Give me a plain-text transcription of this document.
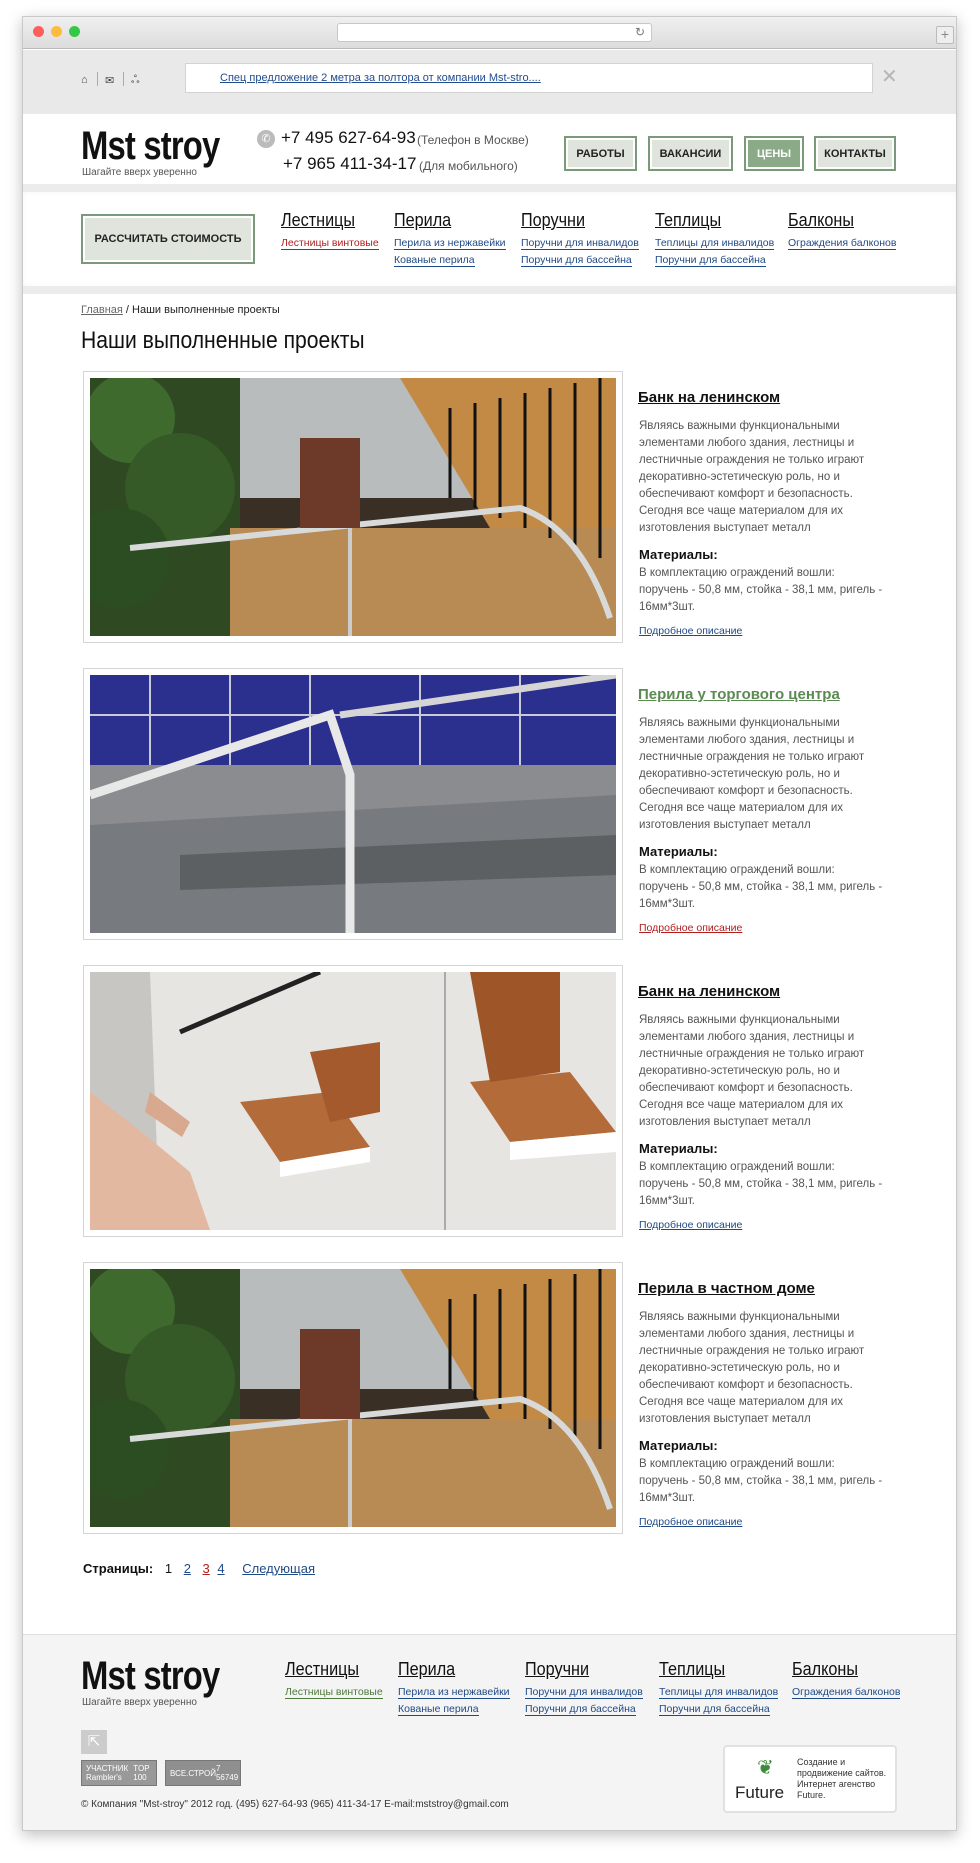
↻	+
⌂ ✉ ஃ	Спец предложение 2 метра за полтора от компании Mst-stro....	✕
Mst stroy
Шагайте вверх уверенно
✆ +7 495 627-64-93 (Телефон в Москве)
+7 965 411-34-17 (Для мобильного)
РАБОТЫ	ВАКАНСИИ	ЦЕНЫ	КОНТАКТЫ
РАССЧИТАТЬ СТОИМОСТЬ
Лестницы
Лестницы винтовые
Перила
Перила из нержавейки
Кованые перила
Поручни
Поручни для инвалидов
Поручни для бассейна
Теплицы
Теплицы для инвалидов
Поручни для бассейна
Балконы
Ограждения балконов
Главная / Наши выполненные проекты
Наши выполненные проекты
Банк на ленинском
Являясь важными функциональными элементами любого здания, лестницы и лестничные ограждения не только играют декоративно-эстетическую роль, но и обеспечивают комфорт и безопасность. Сегодня все чаще материалом для их изготовления выступает металл
Материалы:
В комплектацию ограждений вошли: поручень - 50,8 мм, стойка - 38,1 мм, ригель - 16мм*3шт.
Подробное описание
Перила у торгового центра
Являясь важными функциональными элементами любого здания, лестницы и лестничные ограждения не только играют декоративно-эстетическую роль, но и обеспечивают комфорт и безопасность. Сегодня все чаще материалом для их изготовления выступает металл
Материалы:
В комплектацию ограждений вошли: поручень - 50,8 мм, стойка - 38,1 мм, ригель - 16мм*3шт.
Подробное описание
Банк на ленинском
Являясь важными функциональными элементами любого здания, лестницы и лестничные ограждения не только играют декоративно-эстетическую роль, но и обеспечивают комфорт и безопасность. Сегодня все чаще материалом для их изготовления выступает металл
Материалы:
В комплектацию ограждений вошли: поручень - 50,8 мм, стойка - 38,1 мм, ригель - 16мм*3шт.
Подробное описание
Перила в частном доме
Являясь важными функциональными элементами любого здания, лестницы и лестничные ограждения не только играют декоративно-эстетическую роль, но и обеспечивают комфорт и безопасность. Сегодня все чаще материалом для их изготовления выступает металл
Материалы:
В комплектацию ограждений вошли: поручень - 50,8 мм, стойка - 38,1 мм, ригель - 16мм*3шт.
Подробное описание
Страницы: 1 2 3 4 Следующая
Mst stroy
Шагайте вверх уверенно
Лестницы
Лестницы винтовые
Перила
Перила из нержавейки
Кованые перила
Поручни
Поручни для инвалидов
Поручни для бассейна
Теплицы
Теплицы для инвалидов
Поручни для бассейна
Балконы
Ограждения балконов
⇱
УЧАСТНИК Rambler's
TOP 100	ВСЕ.СТРОЙ 7 56749	❦
Future
Создание и продвижение сайтов. Интернет агенство Future.
© Компания "Mst-stroy" 2012 год. (495) 627-64-93 (965) 411-34-17 E-mail:mststroy@gmail.com
